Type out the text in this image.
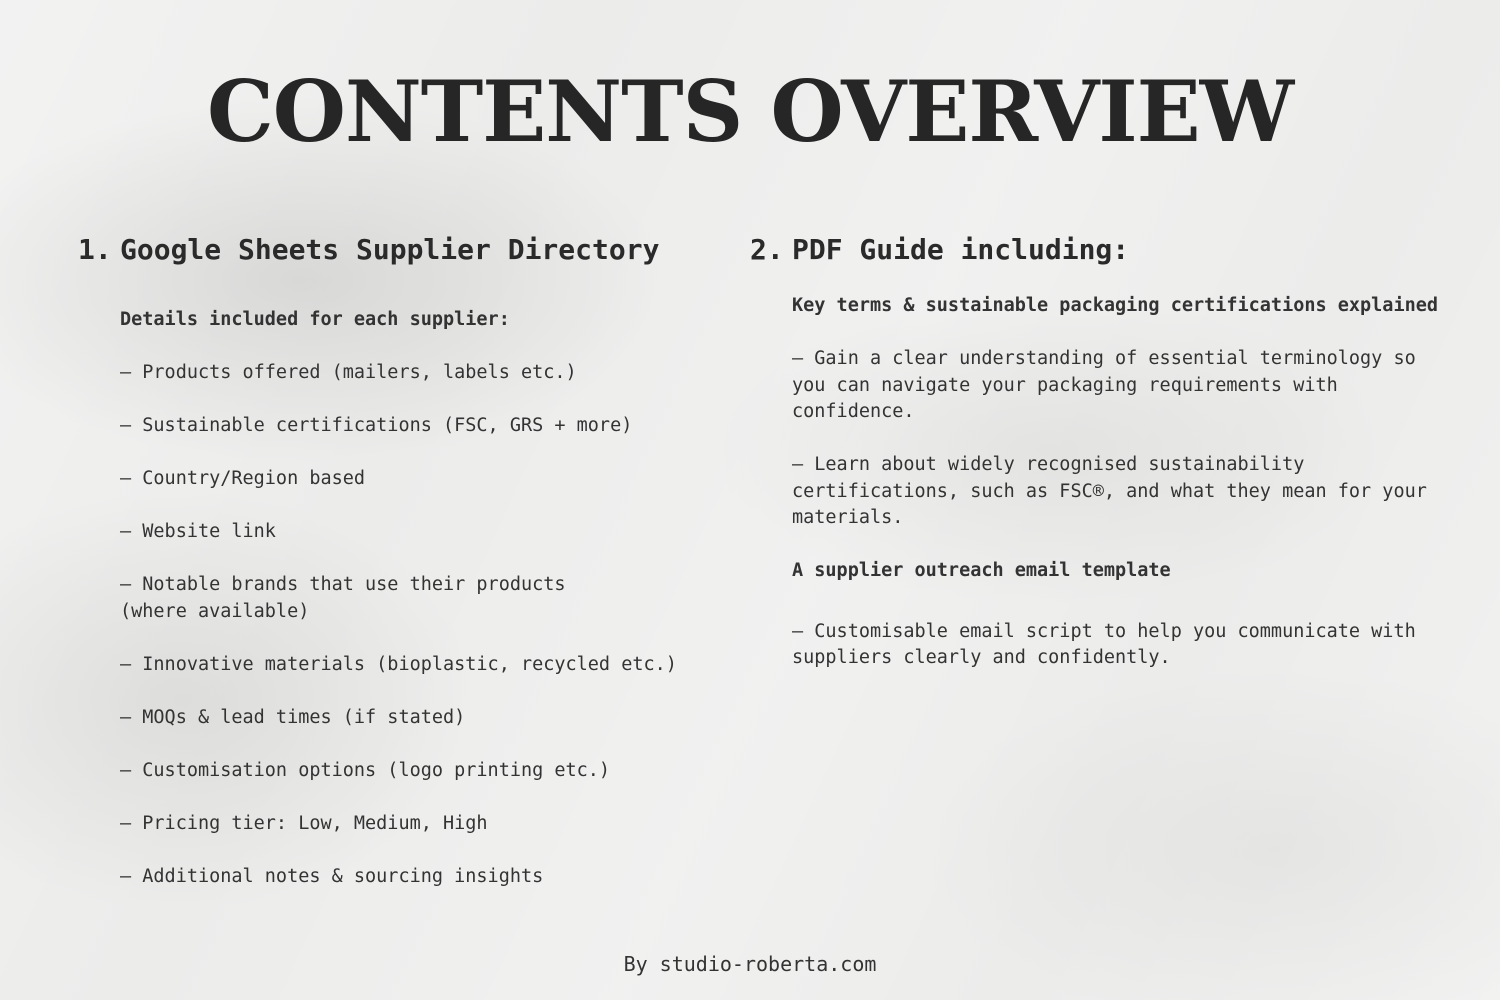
CONTENTS OVERVIEW
1. Google Sheets Supplier Directory
Details included for each supplier:
– Products offered (mailers, labels etc.)
– Sustainable certifications (FSC, GRS + more)
– Country/Region based
– Website link
– Notable brands that use their products (where available)
– Innovative materials (bioplastic, recycled etc.)
– MOQs & lead times (if stated)
– Customisation options (logo printing etc.)
– Pricing tier: Low, Medium, High
– Additional notes & sourcing insights
2. PDF Guide including:
Key terms & sustainable packaging certifications explained
– Gain a clear understanding of essential terminology so you can navigate your packaging requirements with confidence.
– Learn about widely recognised sustainability certifications, such as FSC®, and what they mean for your materials.
A supplier outreach email template
– Customisable email script to help you communicate with suppliers clearly and confidently.
By studio-roberta.com
